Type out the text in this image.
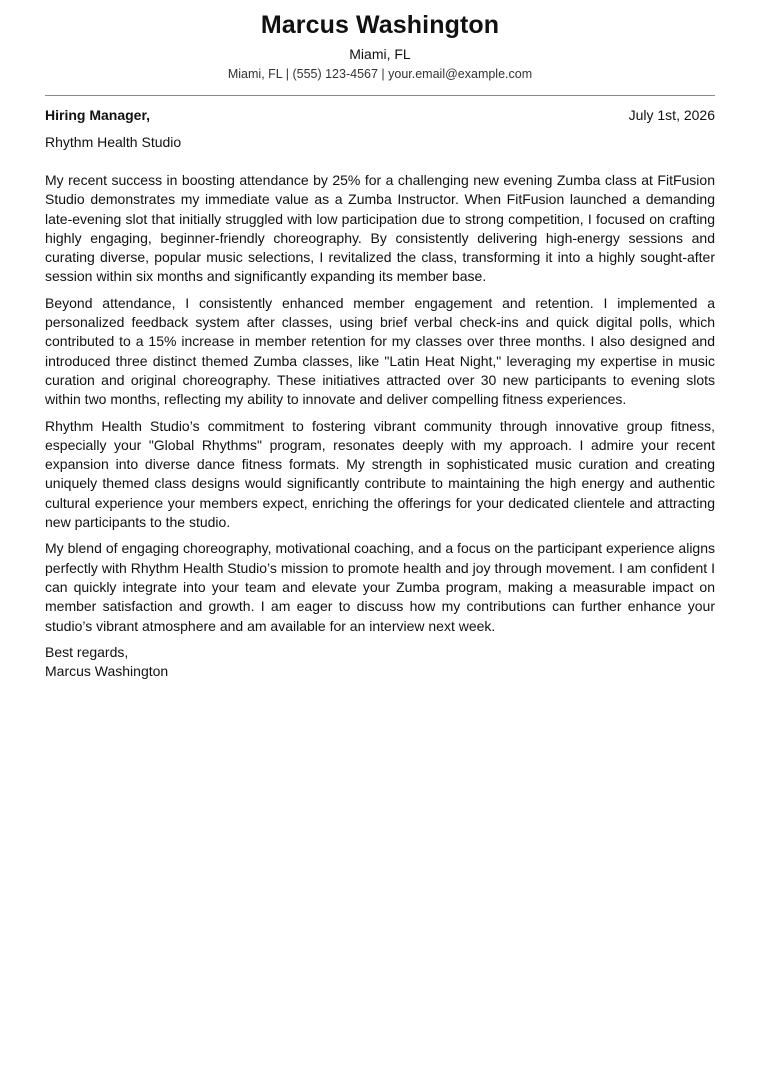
Marcus Washington
Miami, FL
Miami, FL | (555) 123-4567 | your.email@example.com
Hiring Manager,	July 1st, 2026
Rhythm Health Studio

My recent success in boosting attendance by 25% for a challenging new evening Zumba class at FitFusion Studio demonstrates my immediate value as a Zumba Instructor. When FitFusion launched a demanding late-evening slot that initially struggled with low participation due to strong competition, I focused on crafting highly engaging, beginner-friendly choreography. By consistently delivering high-energy sessions and curating diverse, popular music selections, I revitalized the class, transforming it into a highly sought-after session within six months and significantly expanding its member base.

Beyond attendance, I consistently enhanced member engagement and retention. I implemented a personalized feedback system after classes, using brief verbal check-ins and quick digital polls, which contributed to a 15% increase in member retention for my classes over three months. I also designed and introduced three distinct themed Zumba classes, like "Latin Heat Night," leveraging my expertise in music curation and original choreography. These initiatives attracted over 30 new participants to evening slots within two months, reflecting my ability to innovate and deliver compelling fitness experiences.

Rhythm Health Studio’s commitment to fostering vibrant community through innovative group fitness, especially your "Global Rhythms" program, resonates deeply with my approach. I admire your recent expansion into diverse dance fitness formats. My strength in sophisticated music curation and creating uniquely themed class designs would significantly contribute to maintaining the high energy and authentic cultural experience your members expect, enriching the offerings for your dedicated clientele and attracting new participants to the studio.

My blend of engaging choreography, motivational coaching, and a focus on the participant experience aligns perfectly with Rhythm Health Studio’s mission to promote health and joy through movement. I am confident I can quickly integrate into your team and elevate your Zumba program, making a measurable impact on member satisfaction and growth. I am eager to discuss how my contributions can further enhance your studio’s vibrant atmosphere and am available for an interview next week.

Best regards,
Marcus Washington
